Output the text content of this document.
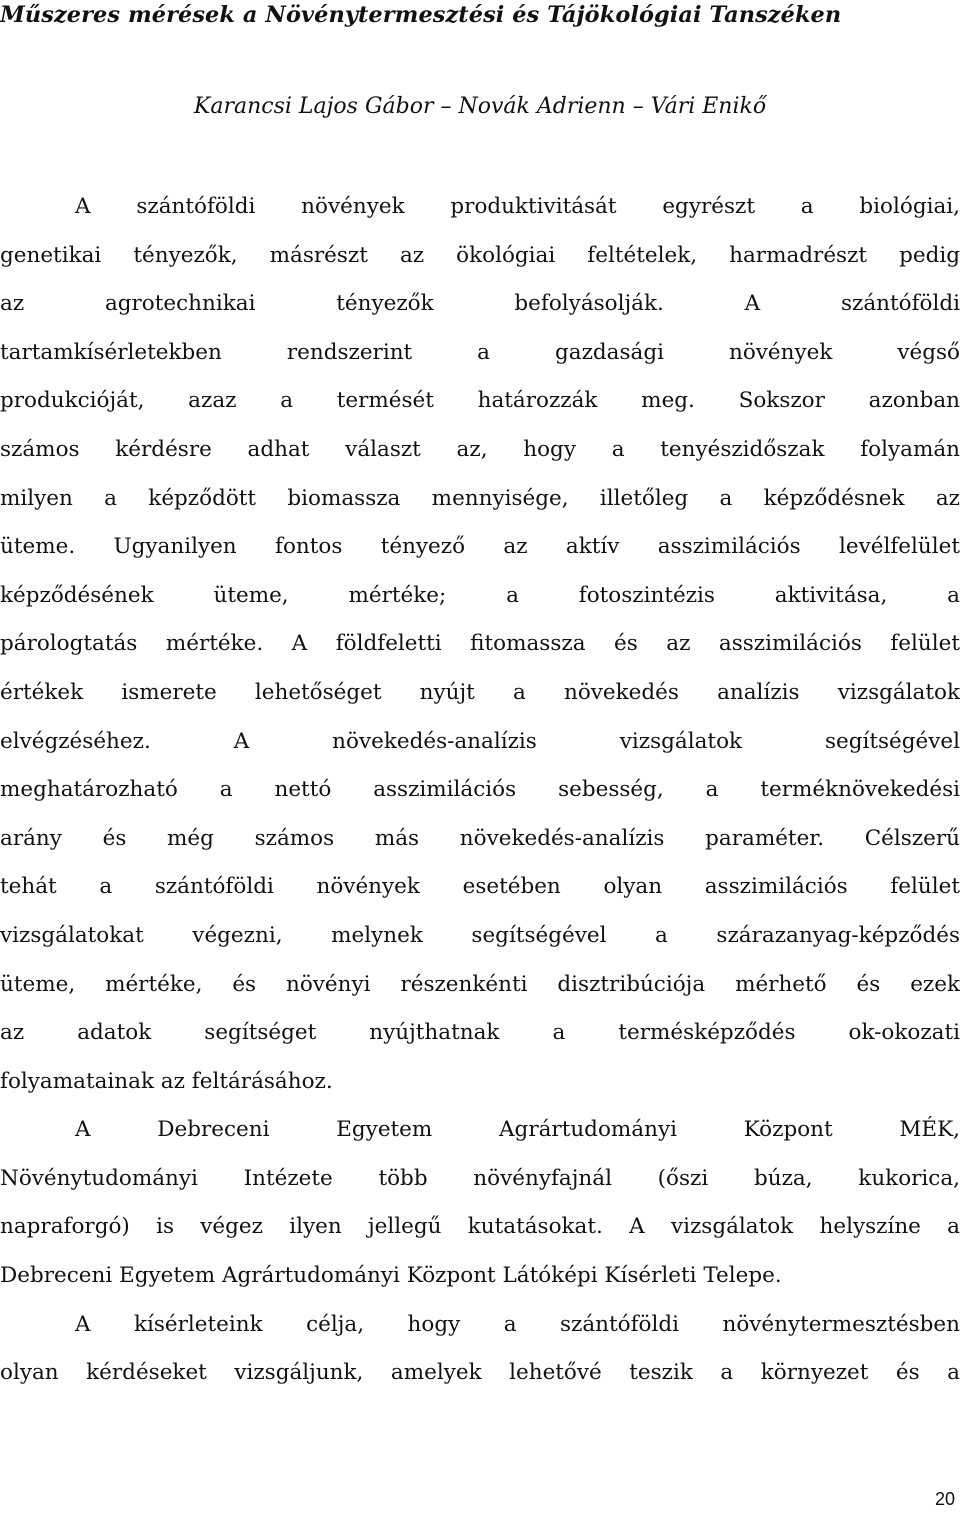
Műszeres mérések a Növénytermesztési és Tájökológiai Tanszéken

Karancsi Lajos Gábor – Novák Adrienn – Vári Enikő

A szántóföldi növények produktivitását egyrészt a biológiai,
genetikai tényezők, másrészt az ökológiai feltételek, harmadrészt pedig
az agrotechnikai tényezők befolyásolják. A szántóföldi
tartamkísérletekben rendszerint a gazdasági növények végső
produkcióját, azaz a termését határozzák meg. Sokszor azonban
számos kérdésre adhat választ az, hogy a tenyészidőszak folyamán
milyen a képződött biomassza mennyisége, illetőleg a képződésnek az
üteme. Ugyanilyen fontos tényező az aktív asszimilációs levélfelület
képződésének üteme, mértéke; a fotoszintézis aktivitása, a
párologtatás mértéke. A földfeletti fitomassza és az asszimilációs felület
értékek ismerete lehetőséget nyújt a növekedés analízis vizsgálatok
elvégzéséhez. A növekedés-analízis vizsgálatok segítségével
meghatározható a nettó asszimilációs sebesség, a terméknövekedési
arány és még számos más növekedés-analízis paraméter. Célszerű
tehát a szántóföldi növények esetében olyan asszimilációs felület
vizsgálatokat végezni, melynek segítségével a szárazanyag-képződés
üteme, mértéke, és növényi részenkénti disztribúciója mérhető és ezek
az adatok segítséget nyújthatnak a termésképződés ok-okozati
folyamatainak az feltárásához.

A Debreceni Egyetem Agrártudományi Központ MÉK,
Növénytudományi Intézete több növényfajnál (őszi búza, kukorica,
napraforgó) is végez ilyen jellegű kutatásokat. A vizsgálatok helyszíne a
Debreceni Egyetem Agrártudományi Központ Látóképi Kísérleti Telepe.

A kísérleteink célja, hogy a szántóföldi növénytermesztésben
olyan kérdéseket vizsgáljunk, amelyek lehetővé teszik a környezet és a

20
